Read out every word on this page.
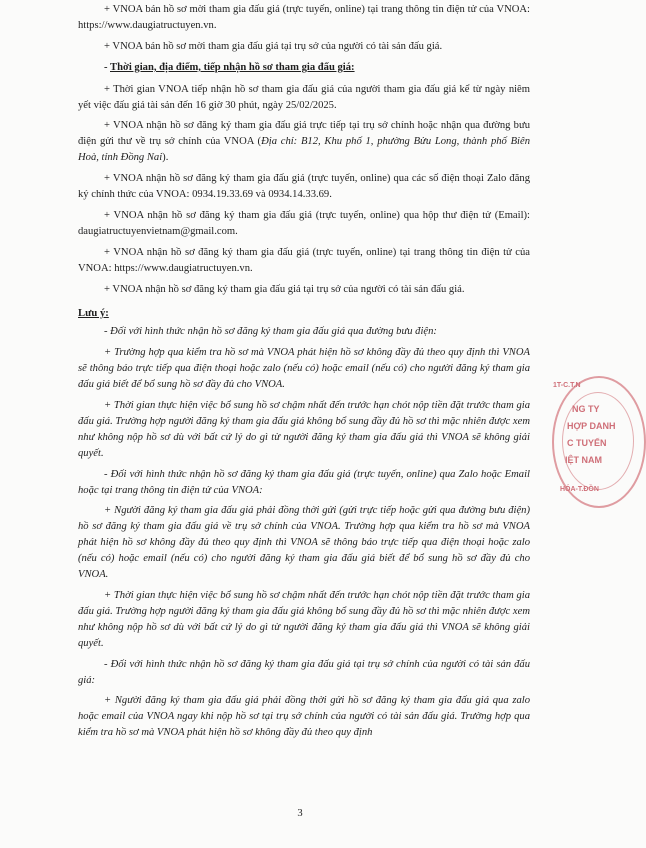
+ VNOA bán hồ sơ mời tham gia đấu giá (trực tuyến, online) tại trang thông tin điện tử của VNOA: https://www.daugiatructuyen.vn.

+ VNOA bán hồ sơ mời tham gia đấu giá tại trụ sở của người có tài sản đấu giá.

- Thời gian, địa điểm, tiếp nhận hồ sơ tham gia đấu giá:

+ Thời gian VNOA tiếp nhận hồ sơ tham gia đấu giá của người tham gia đấu giá kể từ ngày niêm yết việc đấu giá tài sản đến 16 giờ 30 phút, ngày 25/02/2025.

+ VNOA nhận hồ sơ đăng ký tham gia đấu giá trực tiếp tại trụ sở chính hoặc nhận qua đường bưu điện gửi thư về trụ sở chính của VNOA (Địa chỉ: B12, Khu phố 1, phường Bửu Long, thành phố Biên Hoà, tỉnh Đồng Nai).

+ VNOA nhận hồ sơ đăng ký tham gia đấu giá (trực tuyến, online) qua các số điện thoại Zalo đăng ký chính thức của VNOA: 0934.19.33.69 và 0934.14.33.69.

+ VNOA nhận hồ sơ đăng ký tham gia đấu giá (trực tuyến, online) qua hộp thư điện tử (Email): daugiatructuyenvietnam@gmail.com.

+ VNOA nhận hồ sơ đăng ký tham gia đấu giá (trực tuyến, online) tại trang thông tin điện tử của VNOA: https://www.daugiatructuyen.vn.

+ VNOA nhận hồ sơ đăng ký tham gia đấu giá tại trụ sở của người có tài sản đấu giá.

Lưu ý:

- Đối với hình thức nhận hồ sơ đăng ký tham gia đấu giá qua đường bưu điện:

+ Trường hợp qua kiểm tra hồ sơ mà VNOA phát hiện hồ sơ không đầy đủ theo quy định thì VNOA sẽ thông báo trực tiếp qua điện thoại hoặc zalo (nếu có) hoặc email (nếu có) cho người đăng ký tham gia đấu giá biết để bổ sung hồ sơ đầy đủ cho VNOA.

+ Thời gian thực hiện việc bổ sung hồ sơ chậm nhất đến trước hạn chót nộp tiền đặt trước tham gia đấu giá. Trường hợp người đăng ký tham gia đấu giá không bổ sung đầy đủ hồ sơ thì mặc nhiên được xem như không nộp hồ sơ dù với bất cứ lý do gì từ người đăng ký tham gia đấu giá thì VNOA sẽ không giải quyết.

- Đối với hình thức nhận hồ sơ đăng ký tham gia đấu giá (trực tuyến, online) qua Zalo hoặc Email hoặc tại trang thông tin điện tử của VNOA:

+ Người đăng ký tham gia đấu giá phải đồng thời gửi (gửi trực tiếp hoặc gửi qua đường bưu điện) hồ sơ đăng ký tham gia đấu giá về trụ sở chính của VNOA. Trường hợp qua kiểm tra hồ sơ mà VNOA phát hiện hồ sơ không đầy đủ theo quy định thì VNOA sẽ thông báo trực tiếp qua điện thoại hoặc zalo (nếu có) hoặc email (nếu có) cho người đăng ký tham gia đấu giá biết để bổ sung hồ sơ đầy đủ cho VNOA.

+ Thời gian thực hiện việc bổ sung hồ sơ chậm nhất đến trước hạn chót nộp tiền đặt trước tham gia đấu giá. Trường hợp người đăng ký tham gia đấu giá không bổ sung đầy đủ hồ sơ thì mặc nhiên được xem như không nộp hồ sơ dù với bất cứ lý do gì từ người đăng ký tham gia đấu giá thì VNOA sẽ không giải quyết.

- Đối với hình thức nhận hồ sơ đăng ký tham gia đấu giá tại trụ sở chính của người có tài sản đấu giá:

+ Người đăng ký tham gia đấu giá phải đồng thời gửi hồ sơ đăng ký tham gia đấu giá qua zalo hoặc email của VNOA ngay khi nộp hồ sơ tại trụ sở chính của người có tài sản đấu giá. Trường hợp qua kiểm tra hồ sơ mà VNOA phát hiện hồ sơ không đầy đủ theo quy định

1T-C.T.N
NG TY
HỢP DANH
C TUYẾN
IỆT NAM
HÓA-T.ĐỒN
3
